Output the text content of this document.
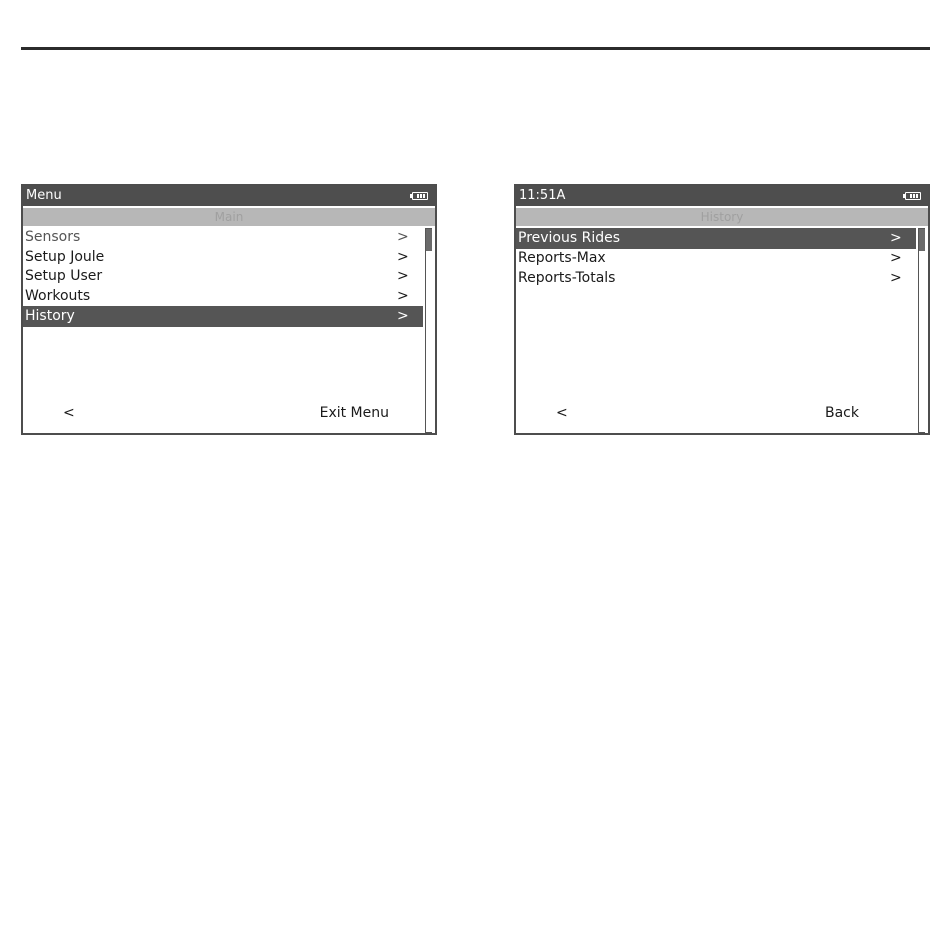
Menu
Main
Sensors	>
Setup Joule	>
Setup User	>
Workouts	>
History	>
<	Exit Menu
11:51A
History
Previous Rides	>
Reports-Max	>
Reports-Totals	>
<	Back
